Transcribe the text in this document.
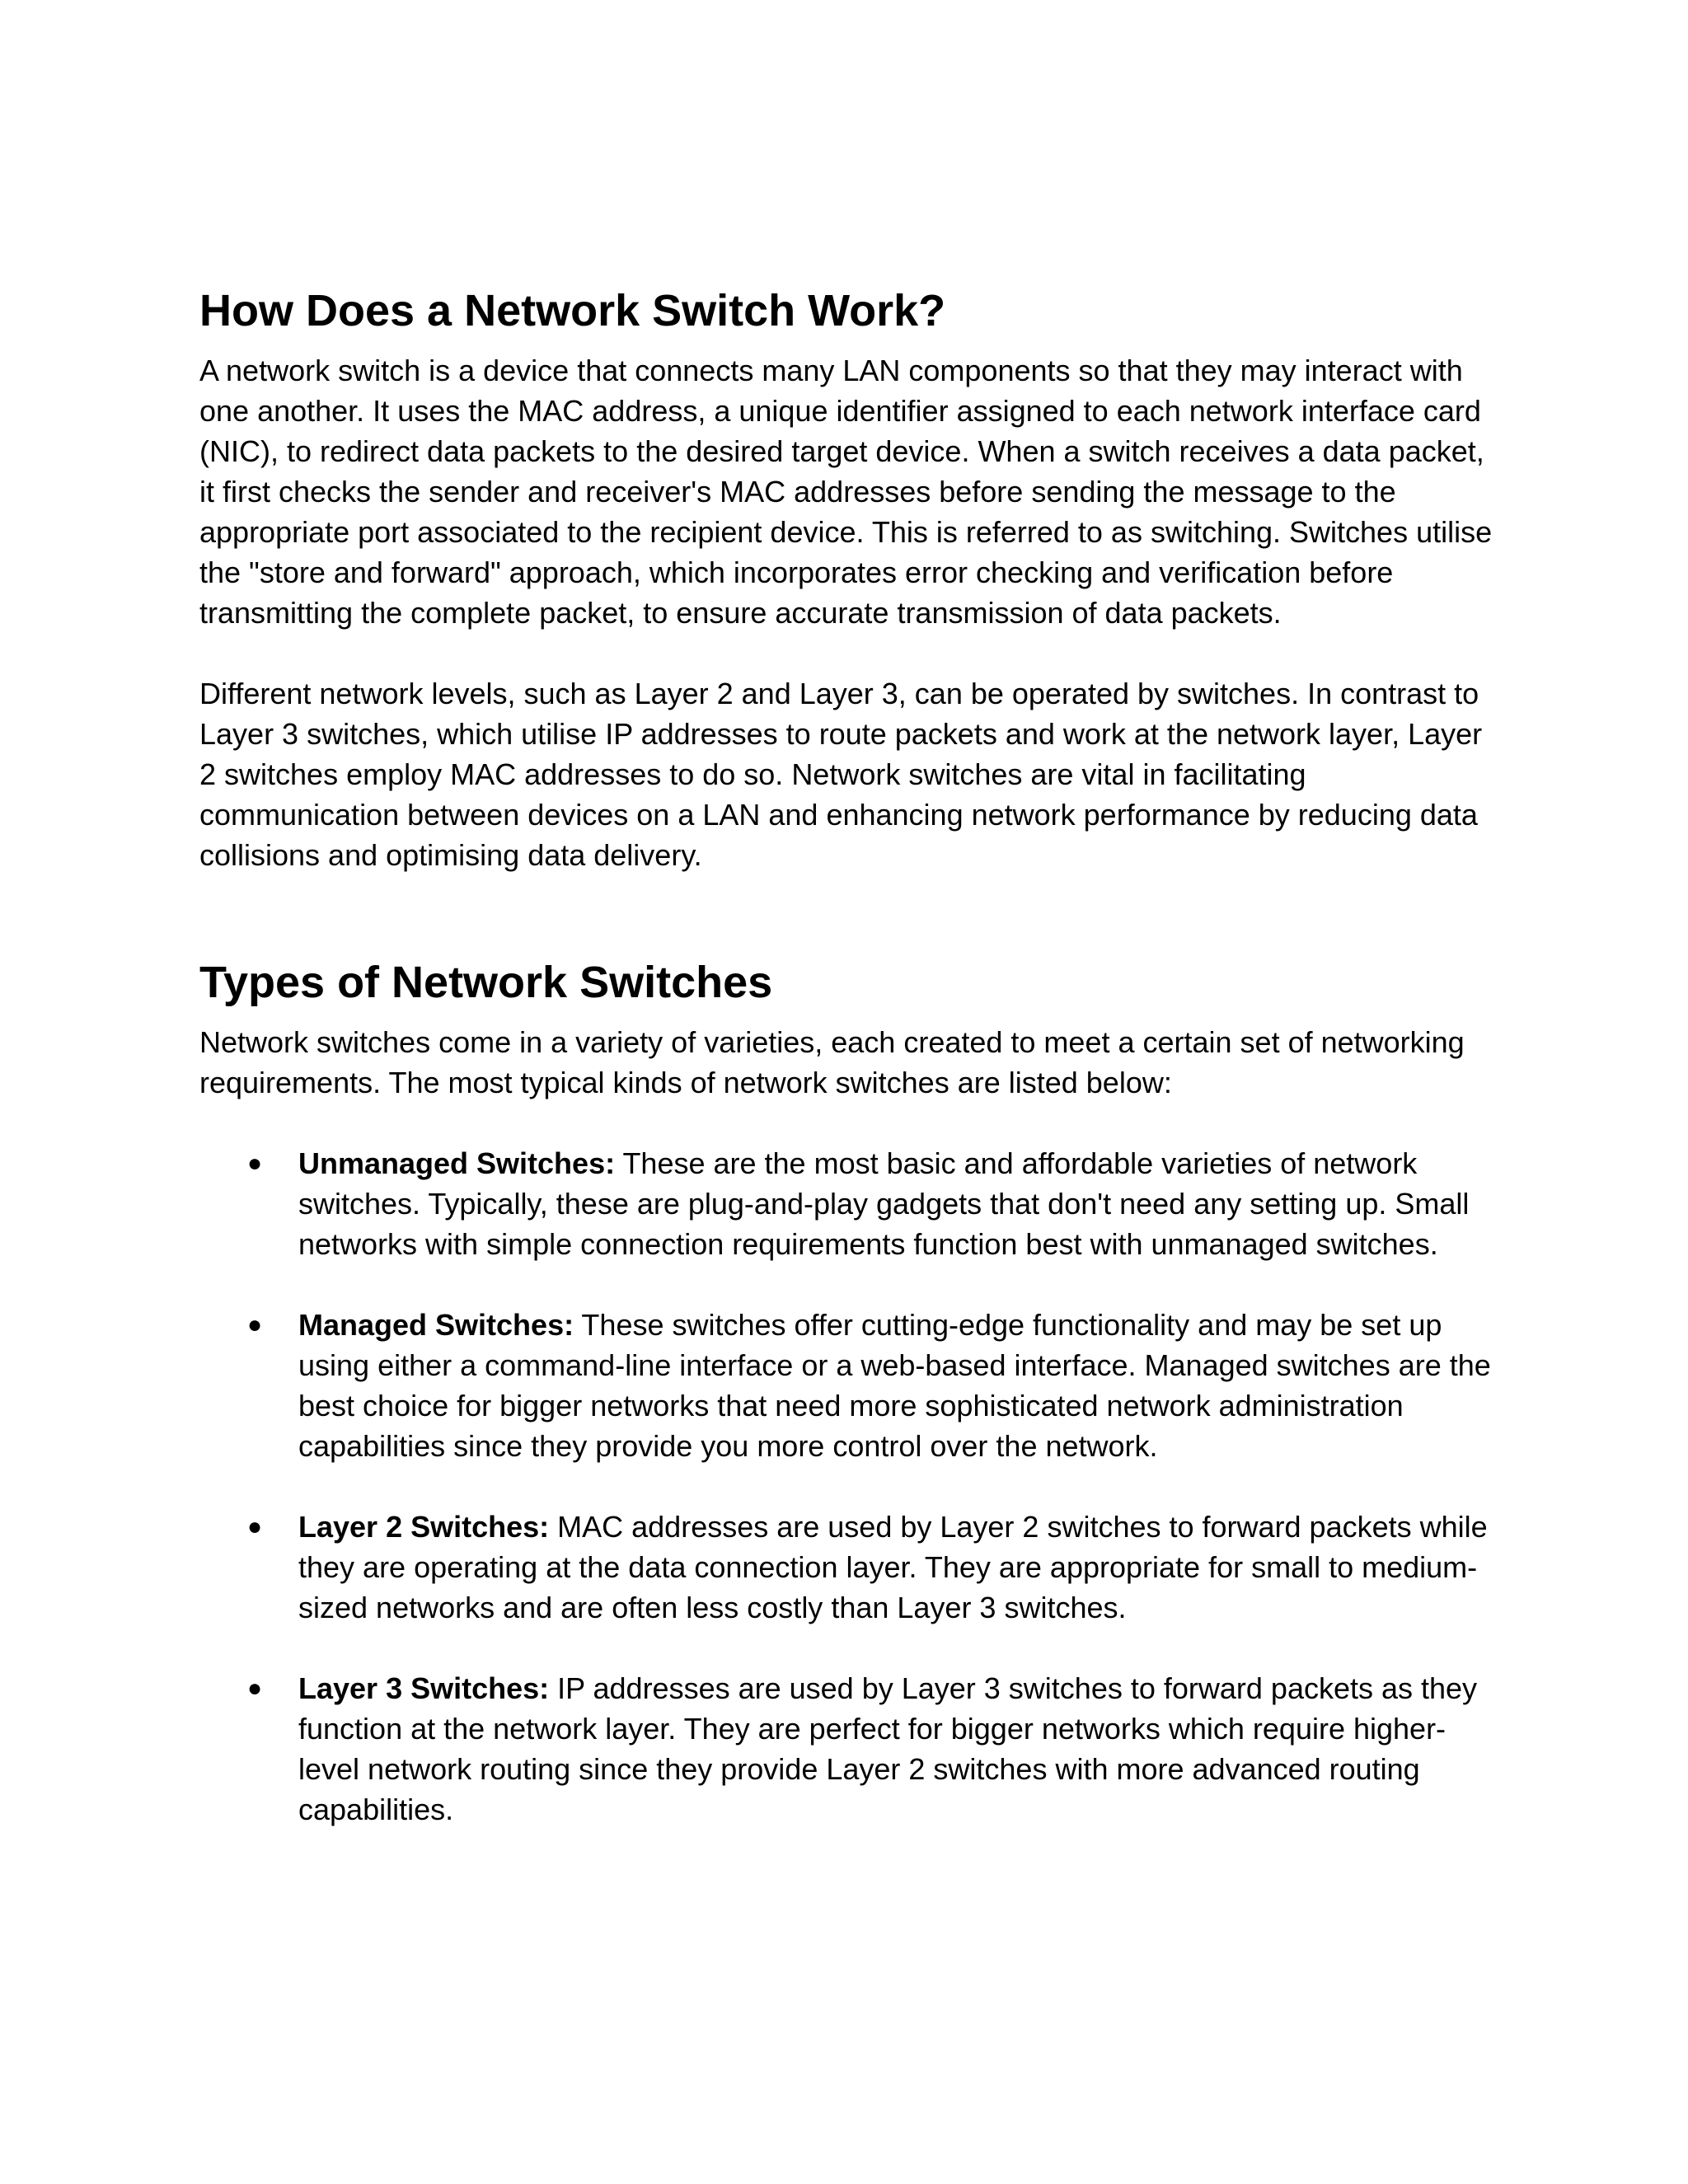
How Does a Network Switch Work?

A network switch is a device that connects many LAN components so that they may interact with one another. It uses the MAC address, a unique identifier assigned to each network interface card (NIC), to redirect data packets to the desired target device. When a switch receives a data packet, it first checks the sender and receiver's MAC addresses before sending the message to the appropriate port associated to the recipient device. This is referred to as switching. Switches utilise the "store and forward" approach, which incorporates error checking and verification before transmitting the complete packet, to ensure accurate transmission of data packets.

Different network levels, such as Layer 2 and Layer 3, can be operated by switches. In contrast to Layer 3 switches, which utilise IP addresses to route packets and work at the network layer, Layer 2 switches employ MAC addresses to do so. Network switches are vital in facilitating communication between devices on a LAN and enhancing network performance by reducing data collisions and optimising data delivery.

Types of Network Switches

Network switches come in a variety of varieties, each created to meet a certain set of networking requirements. The most typical kinds of network switches are listed below:

● Unmanaged Switches: These are the most basic and affordable varieties of network switches. Typically, these are plug-and-play gadgets that don't need any setting up. Small networks with simple connection requirements function best with unmanaged switches.
● Managed Switches: These switches offer cutting-edge functionality and may be set up using either a command-line interface or a web-based interface. Managed switches are the best choice for bigger networks that need more sophisticated network administration capabilities since they provide you more control over the network.
● Layer 2 Switches: MAC addresses are used by Layer 2 switches to forward packets while they are operating at the data connection layer. They are appropriate for small to medium-sized networks and are often less costly than Layer 3 switches.
● Layer 3 Switches: IP addresses are used by Layer 3 switches to forward packets as they function at the network layer. They are perfect for bigger networks which require higher-level network routing since they provide Layer 2 switches with more advanced routing capabilities.
